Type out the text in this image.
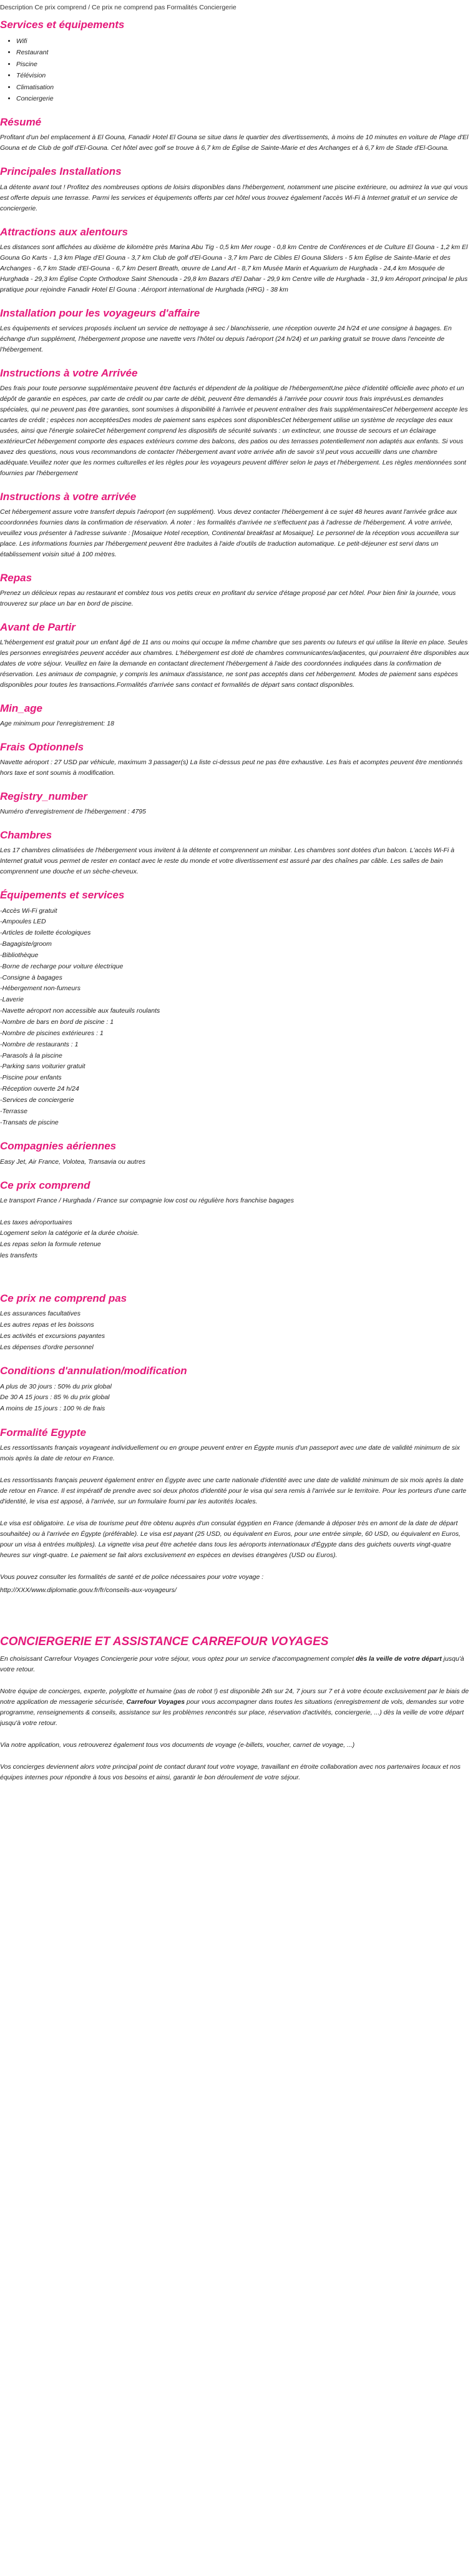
Description Ce prix comprend / Ce prix ne comprend pas Formalités Conciergerie
Services et équipements
• Wifi
• Restaurant
• Piscine
• Télévision
• Climatisation
• Conciergerie
Résumé

Profitant d'un bel emplacement à El Gouna, Fanadir Hotel El Gouna se situe dans le quartier des divertissements, à moins de 10 minutes en voiture de Plage d'El Gouna et de Club de golf d'El-Gouna. Cet hôtel avec golf se trouve à 6,7 km de Église de Sainte-Marie et des Archanges et à 6,7 km de Stade d'El-Gouna.

Principales Installations

La détente avant tout ! Profitez des nombreuses options de loisirs disponibles dans l'hébergement, notamment une piscine extérieure, ou admirez la vue qui vous est offerte depuis une terrasse. Parmi les services et équipements offerts par cet hôtel vous trouvez également l'accès Wi-Fi à Internet gratuit et un service de conciergerie.

Attractions aux alentours

Les distances sont affichées au dixième de kilomètre près Marina Abu Tig - 0,5 km Mer rouge - 0,8 km Centre de Conférences et de Culture El Gouna - 1,2 km El Gouna Go Karts - 1,3 km Plage d'El Gouna - 3,7 km Club de golf d'El-Gouna - 3,7 km Parc de Cibles El Gouna Sliders - 5 km Église de Sainte-Marie et des Archanges - 6,7 km Stade d'El-Gouna - 6,7 km Desert Breath, œuvre de Land Art - 8,7 km Musée Marin et Aquarium de Hurghada - 24,4 km Mosquée de Hurghada - 29,3 km Église Copte Orthodoxe Saint Shenouda - 29,8 km Bazars d'El Dahar - 29,9 km Centre ville de Hurghada - 31,9 km Aéroport principal le plus pratique pour rejoindre Fanadir Hotel El Gouna : Aéroport international de Hurghada (HRG) - 38 km

Installation pour les voyageurs d'affaire

Les équipements et services proposés incluent un service de nettoyage à sec / blanchisserie, une réception ouverte 24 h/24 et une consigne à bagages. En échange d'un supplément, l'hébergement propose une navette vers l'hôtel ou depuis l'aéroport (24 h/24) et un parking gratuit se trouve dans l'enceinte de l'hébergement.

Instructions à votre Arrivée

Des frais pour toute personne supplémentaire peuvent être facturés et dépendent de la politique de l'hébergementUne pièce d'identité officielle avec photo et un dépôt de garantie en espèces, par carte de crédit ou par carte de débit, peuvent être demandés à l'arrivée pour couvrir tous frais imprévusLes demandes spéciales, qui ne peuvent pas être garanties, sont soumises à disponibilité à l'arrivée et peuvent entraîner des frais supplémentairesCet hébergement accepte les cartes de crédit ; espèces non acceptéesDes modes de paiement sans espèces sont disponiblesCet hébergement utilise un système de recyclage des eaux usées, ainsi que l'énergie solaireCet hébergement comprend les dispositifs de sécurité suivants : un extincteur, une trousse de secours et un éclairage extérieurCet hébergement comporte des espaces extérieurs comme des balcons, des patios ou des terrasses potentiellement non adaptés aux enfants. Si vous avez des questions, nous vous recommandons de contacter l'hébergement avant votre arrivée afin de savoir s'il peut vous accueillir dans une chambre adéquate.Veuillez noter que les normes culturelles et les règles pour les voyageurs peuvent différer selon le pays et l'hébergement. Les règles mentionnées sont fournies par l'hébergement

Instructions à votre arrivée

Cet hébergement assure votre transfert depuis l'aéroport (en supplément). Vous devez contacter l'hébergement à ce sujet 48 heures avant l'arrivée grâce aux coordonnées fournies dans la confirmation de réservation. À noter : les formalités d'arrivée ne s'effectuent pas à l'adresse de l'hébergement. À votre arrivée, veuillez vous présenter à l'adresse suivante : [Mosaique Hotel reception, Continental breakfast at Mosaique]. Le personnel de la réception vous accueillera sur place. Les informations fournies par l'hébergement peuvent être traduites à l'aide d'outils de traduction automatique. Le petit-déjeuner est servi dans un établissement voisin situé à 100 mètres.

Repas

Prenez un délicieux repas au restaurant et comblez tous vos petits creux en profitant du service d'étage proposé par cet hôtel. Pour bien finir la journée, vous trouverez sur place un bar en bord de piscine.

Avant de Partir

L'hébergement est gratuit pour un enfant âgé de 11 ans ou moins qui occupe la même chambre que ses parents ou tuteurs et qui utilise la literie en place. Seules les personnes enregistrées peuvent accéder aux chambres. L'hébergement est doté de chambres communicantes/adjacentes, qui pourraient être disponibles aux dates de votre séjour. Veuillez en faire la demande en contactant directement l'hébergement à l'aide des coordonnées indiquées dans la confirmation de réservation. Les animaux de compagnie, y compris les animaux d'assistance, ne sont pas acceptés dans cet hébergement. Modes de paiement sans espèces disponibles pour toutes les transactions.Formalités d'arrivée sans contact et formalités de départ sans contact disponibles.

Min_age

Age minimum pour l'enregistrement: 18

Frais Optionnels

Navette aéroport : 27 USD par véhicule, maximum 3 passager(s) La liste ci-dessus peut ne pas être exhaustive. Les frais et acomptes peuvent être mentionnés hors taxe et sont soumis à modification.

Registry_number

Numéro d'enregistrement de l'hébergement : 4795

Chambres

Les 17 chambres climatisées de l'hébergement vous invitent à la détente et comprennent un minibar. Les chambres sont dotées d'un balcon. L'accès Wi-Fi à Internet gratuit vous permet de rester en contact avec le reste du monde et votre divertissement est assuré par des chaînes par câble. Les salles de bain comprennent une douche et un sèche-cheveux.

Équipements et services
-Accès Wi-Fi gratuit
-Ampoules LED
-Articles de toilette écologiques
-Bagagiste/groom
-Bibliothèque
-Borne de recharge pour voiture électrique
-Consigne à bagages
-Hébergement non-fumeurs
-Laverie
-Navette aéroport non accessible aux fauteuils roulants
-Nombre de bars en bord de piscine : 1
-Nombre de piscines extérieures : 1
-Nombre de restaurants : 1
-Parasols à la piscine
-Parking sans voiturier gratuit
-Piscine pour enfants
-Réception ouverte 24 h/24
-Services de conciergerie
-Terrasse
-Transats de piscine
Compagnies aériennes

Easy Jet, Air France, Volotea, Transavia ou autres

Ce prix comprend

Le transport France / Hurghada / France sur compagnie low cost ou régulière hors franchise bagages

Les taxes aéroportuaires
Logement selon la catégorie et la durée choisie.
Les repas selon la formule retenue
les transferts
Ce prix ne comprend pas
Les assurances facultatives
Les autres repas et les boissons
Les activités et excursions payantes
Les dépenses d'ordre personnel
Conditions d'annulation/modification
A plus de 30 jours : 50% du prix global
De 30 A 15 jours : 85 % du prix global
A moins de 15 jours : 100 % de frais
Formalité Egypte

Les ressortissants français voyageant individuellement ou en groupe peuvent entrer en Égypte munis d'un passeport avec une date de validité minimum de six mois après la date de retour en France.

Les ressortissants français peuvent également entrer en Égypte avec une carte nationale d'identité avec une date de validité minimum de six mois après la date de retour en France. Il est impératif de prendre avec soi deux photos d'identité pour le visa qui sera remis à l'arrivée sur le territoire. Pour les porteurs d'une carte d'identité, le visa est apposé, à l'arrivée, sur un formulaire fourni par les autorités locales.

Le visa est obligatoire. Le visa de tourisme peut être obtenu auprès d'un consulat égyptien en France (demande à déposer très en amont de la date de départ souhaitée) ou à l'arrivée en Égypte (préférable). Le visa est payant (25 USD, ou équivalent en Euros, pour une entrée simple, 60 USD, ou équivalent en Euros, pour un visa à entrées multiples). La vignette visa peut être achetée dans tous les aéroports internationaux d'Égypte dans des guichets ouverts vingt-quatre heures sur vingt-quatre. Le paiement se fait alors exclusivement en espèces en devises étrangères (USD ou Euros).

Vous pouvez consulter les formalités de santé et de police nécessaires pour votre voyage :

http://XXX/www.diplomatie.gouv.fr/fr/conseils-aux-voyageurs/

CONCIERGERIE ET ASSISTANCE CARREFOUR VOYAGES

En choisissant Carrefour Voyages Conciergerie pour votre séjour, vous optez pour un service d'accompagnement complet dès la veille de votre départ jusqu'à votre retour.

Notre équipe de concierges, experte, polyglotte et humaine (pas de robot !) est disponible 24h sur 24, 7 jours sur 7 et à votre écoute exclusivement par le biais de notre application de messagerie sécurisée, Carrefour Voyages pour vous accompagner dans toutes les situations (enregistrement de vols, demandes sur votre programme, renseignements & conseils, assistance sur les problèmes rencontrés sur place, réservation d'activités, conciergerie, ...) dès la veille de votre départ jusqu'à votre retour.

Via notre application, vous retrouverez également tous vos documents de voyage (e-billets, voucher, carnet de voyage, ...)

Vos concierges deviennent alors votre principal point de contact durant tout votre voyage, travaillant en étroite collaboration avec nos partenaires locaux et nos équipes internes pour répondre à tous vos besoins et ainsi, garantir le bon déroulement de votre séjour.
